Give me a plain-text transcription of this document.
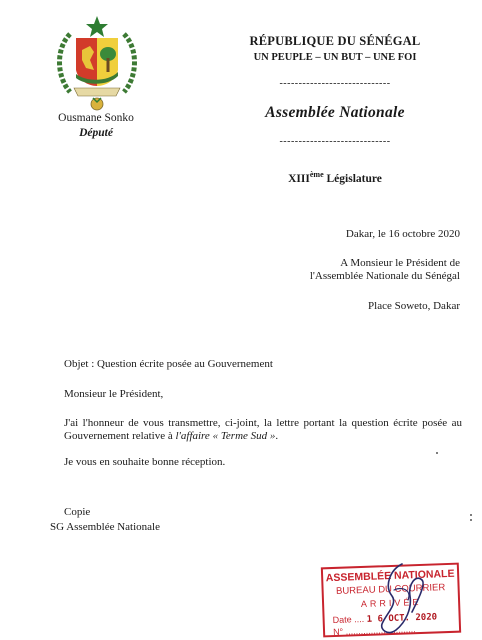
Ousmane Sonko
Député
RÉPUBLIQUE DU SÉNÉGAL
UN PEUPLE – UN BUT – UNE FOI
-----------------------------
Assemblée Nationale
-----------------------------
XIIIème Législature
Dakar, le 16 octobre 2020
A Monsieur le Président de
l'Assemblée Nationale du Sénégal
Place Soweto, Dakar
Objet : Question écrite posée au Gouvernement
Monsieur le Président,
J'ai l'honneur de vous transmettre, ci-joint, la lettre portant la question écrite posée au Gouvernement relative à l'affaire « Terme Sud ».
Je vous en souhaite bonne réception.
Copie
SG Assemblée Nationale
ASSEMBLÉE NATIONALE
BUREAU DU COURRIER
ARRIVÉE
Date .... 1 6 OCT. 2020
N° ............................
